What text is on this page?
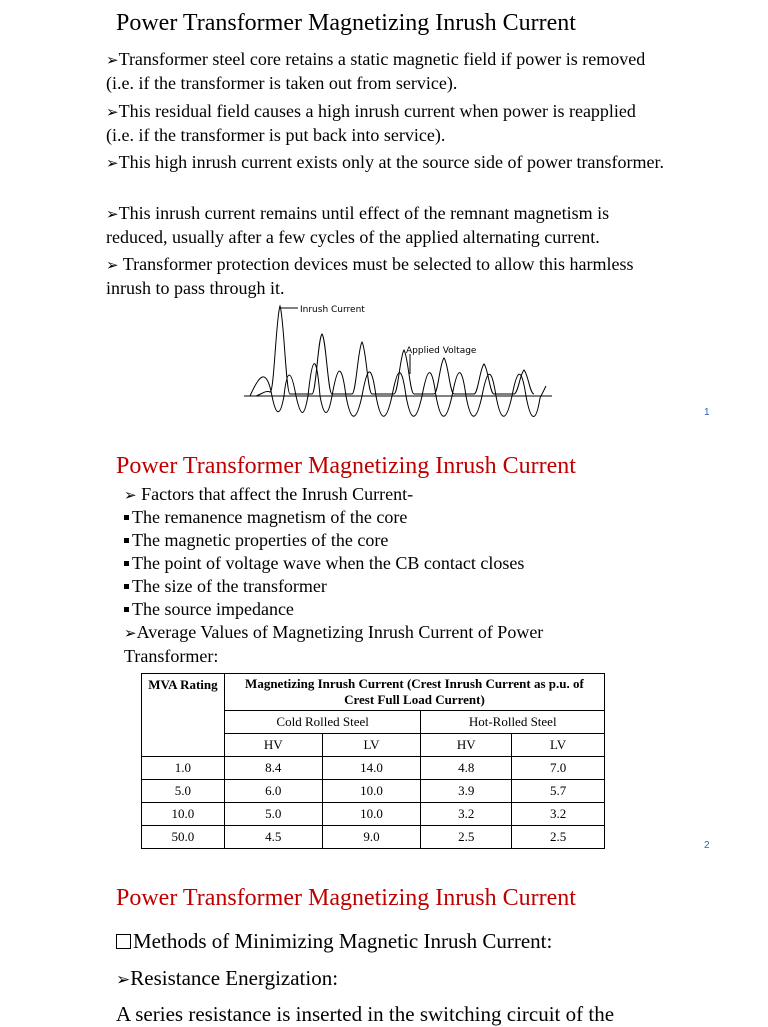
Power Transformer Magnetizing Inrush Current
➢Transformer steel core retains a static magnetic field if power is removed (i.e. if the transformer is taken out from service).
➢This residual field causes a high inrush current when power is reapplied (i.e. if the transformer is put back into service).
➢This high inrush current exists only at the source side of power transformer.
➢This inrush current remains until effect of the remnant magnetism is reduced, usually after a few cycles of the applied alternating current.
➢ Transformer protection devices must be selected to allow this harmless inrush to pass through it.
Inrush Current
Applied Voltage
1
Power Transformer Magnetizing Inrush Current
➢ Factors that affect the Inrush Current-
The remanence magnetism of the core
The magnetic properties of the core
The point of voltage wave when the CB contact closes
The size of the transformer
The source impedance
➢Average Values of Magnetizing Inrush Current of Power Transformer:
MVA Rating	Magnetizing Inrush Current (Crest Inrush Current as p.u. of Crest Full Load Current)			
	Cold Rolled Steel		Hot-Rolled Steel	
	HV	LV	HV	LV
1.0	8.4	14.0	4.8	7.0
5.0	6.0	10.0	3.9	5.7
10.0	5.0	10.0	3.2	3.2
50.0	4.5	9.0	2.5	2.5
2
Power Transformer Magnetizing Inrush Current
Methods of Minimizing Magnetic Inrush Current:
➢Resistance Energization:
A series resistance is inserted in the switching circuit of the
